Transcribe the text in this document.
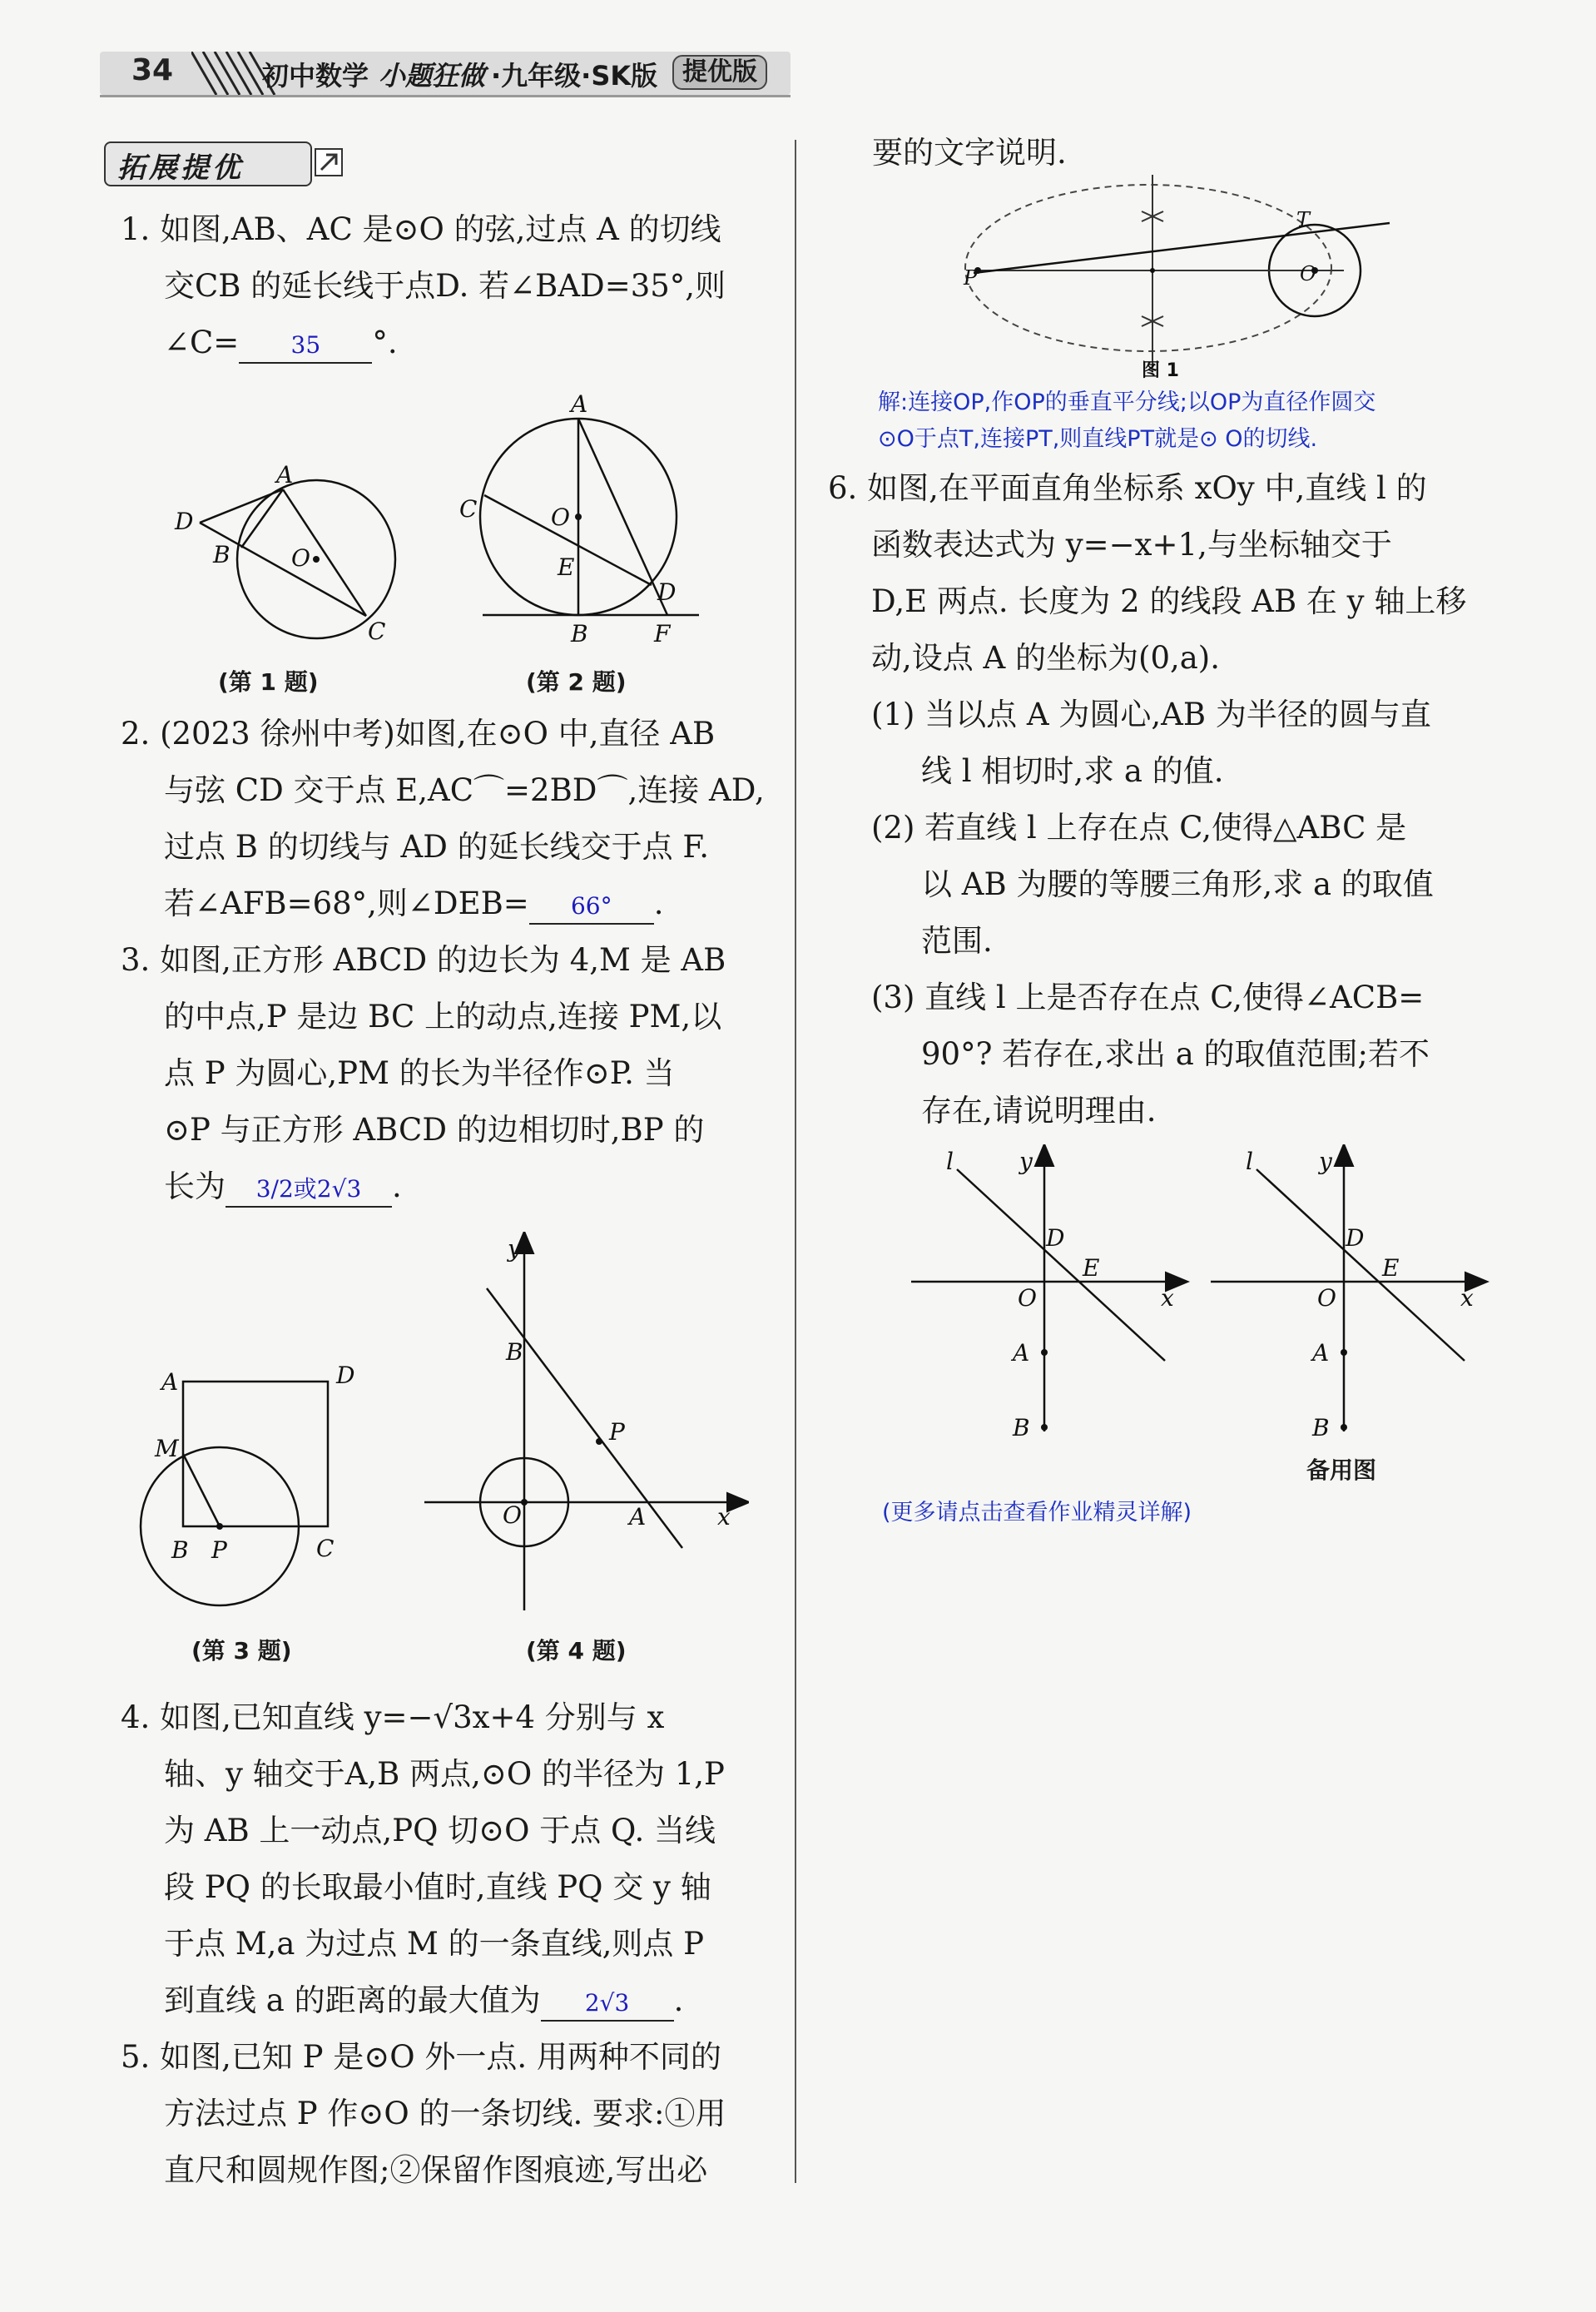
34	初中数学 小题狂做 ·九年级·SK版 提优版
拓展提优

1. 如图,AB、AC 是⊙O 的弦,过点 A 的切线

交CB 的延长线于点D. 若∠BAD=35°,则

∠C= 35 °.

A
D
B	O
C
(第 1 题)
A
C	O
E
D
B	F
(第 2 题)

2. (2023 徐州中考)如图,在⊙O 中,直径 AB

与弦 CD 交于点 E,AC⌒=2BD⌒,连接 AD,

过点 B 的切线与 AD 的延长线交于点 F.

若∠AFB=68°,则∠DEB= 66° .

3. 如图,正方形 ABCD 的边长为 4,M 是 AB

的中点,P 是边 BC 上的动点,连接 PM,以

点 P 为圆心,PM 的长为半径作⊙P. 当

⊙P 与正方形 ABCD 的边相切时,BP 的

长为 3/2或2√3 .

A	D
M
B P	C
(第 3 题)
y
B
P
O	A	x
(第 4 题)

4. 如图,已知直线 y=−√3x+4 分别与 x

轴、y 轴交于A,B 两点,⊙O 的半径为 1,P

为 AB 上一动点,PQ 切⊙O 于点 Q. 当线

段 PQ 的长取最小值时,直线 PQ 交 y 轴

于点 M,a 为过点 M 的一条直线,则点 P

到直线 a 的距离的最大值为 2√3 .

5. 如图,已知 P 是⊙O 外一点. 用两种不同的

方法过点 P 作⊙O 的一条切线. 要求:①用

直尺和圆规作图;②保留作图痕迹,写出必

要的文字说明.

P
T
O
图 1
解:连接OP,作OP的垂直平分线;以OP为直径作圆交
⊙O于点T,连接PT,则直线PT就是⊙ O的切线.

6. 如图,在平面直角坐标系 xOy 中,直线 l 的

函数表达式为 y=−x+1,与坐标轴交于

D,E 两点. 长度为 2 的线段 AB 在 y 轴上移

动,设点 A 的坐标为(0,a).

(1) 当以点 A 为圆心,AB 为半径的圆与直

线 l 相切时,求 a 的值.

(2) 若直线 l 上存在点 C,使得△ABC 是

以 AB 为腰的等腰三角形,求 a 的取值

范围.

(3) 直线 l 上是否存在点 C,使得∠ACB=

90°? 若存在,求出 a 的取值范围;若不

存在,请说明理由.

l	y
D
E
O	x
A
B
l	y
D
E
O	x
A
B
备用图
(更多请点击查看作业精灵详解)
